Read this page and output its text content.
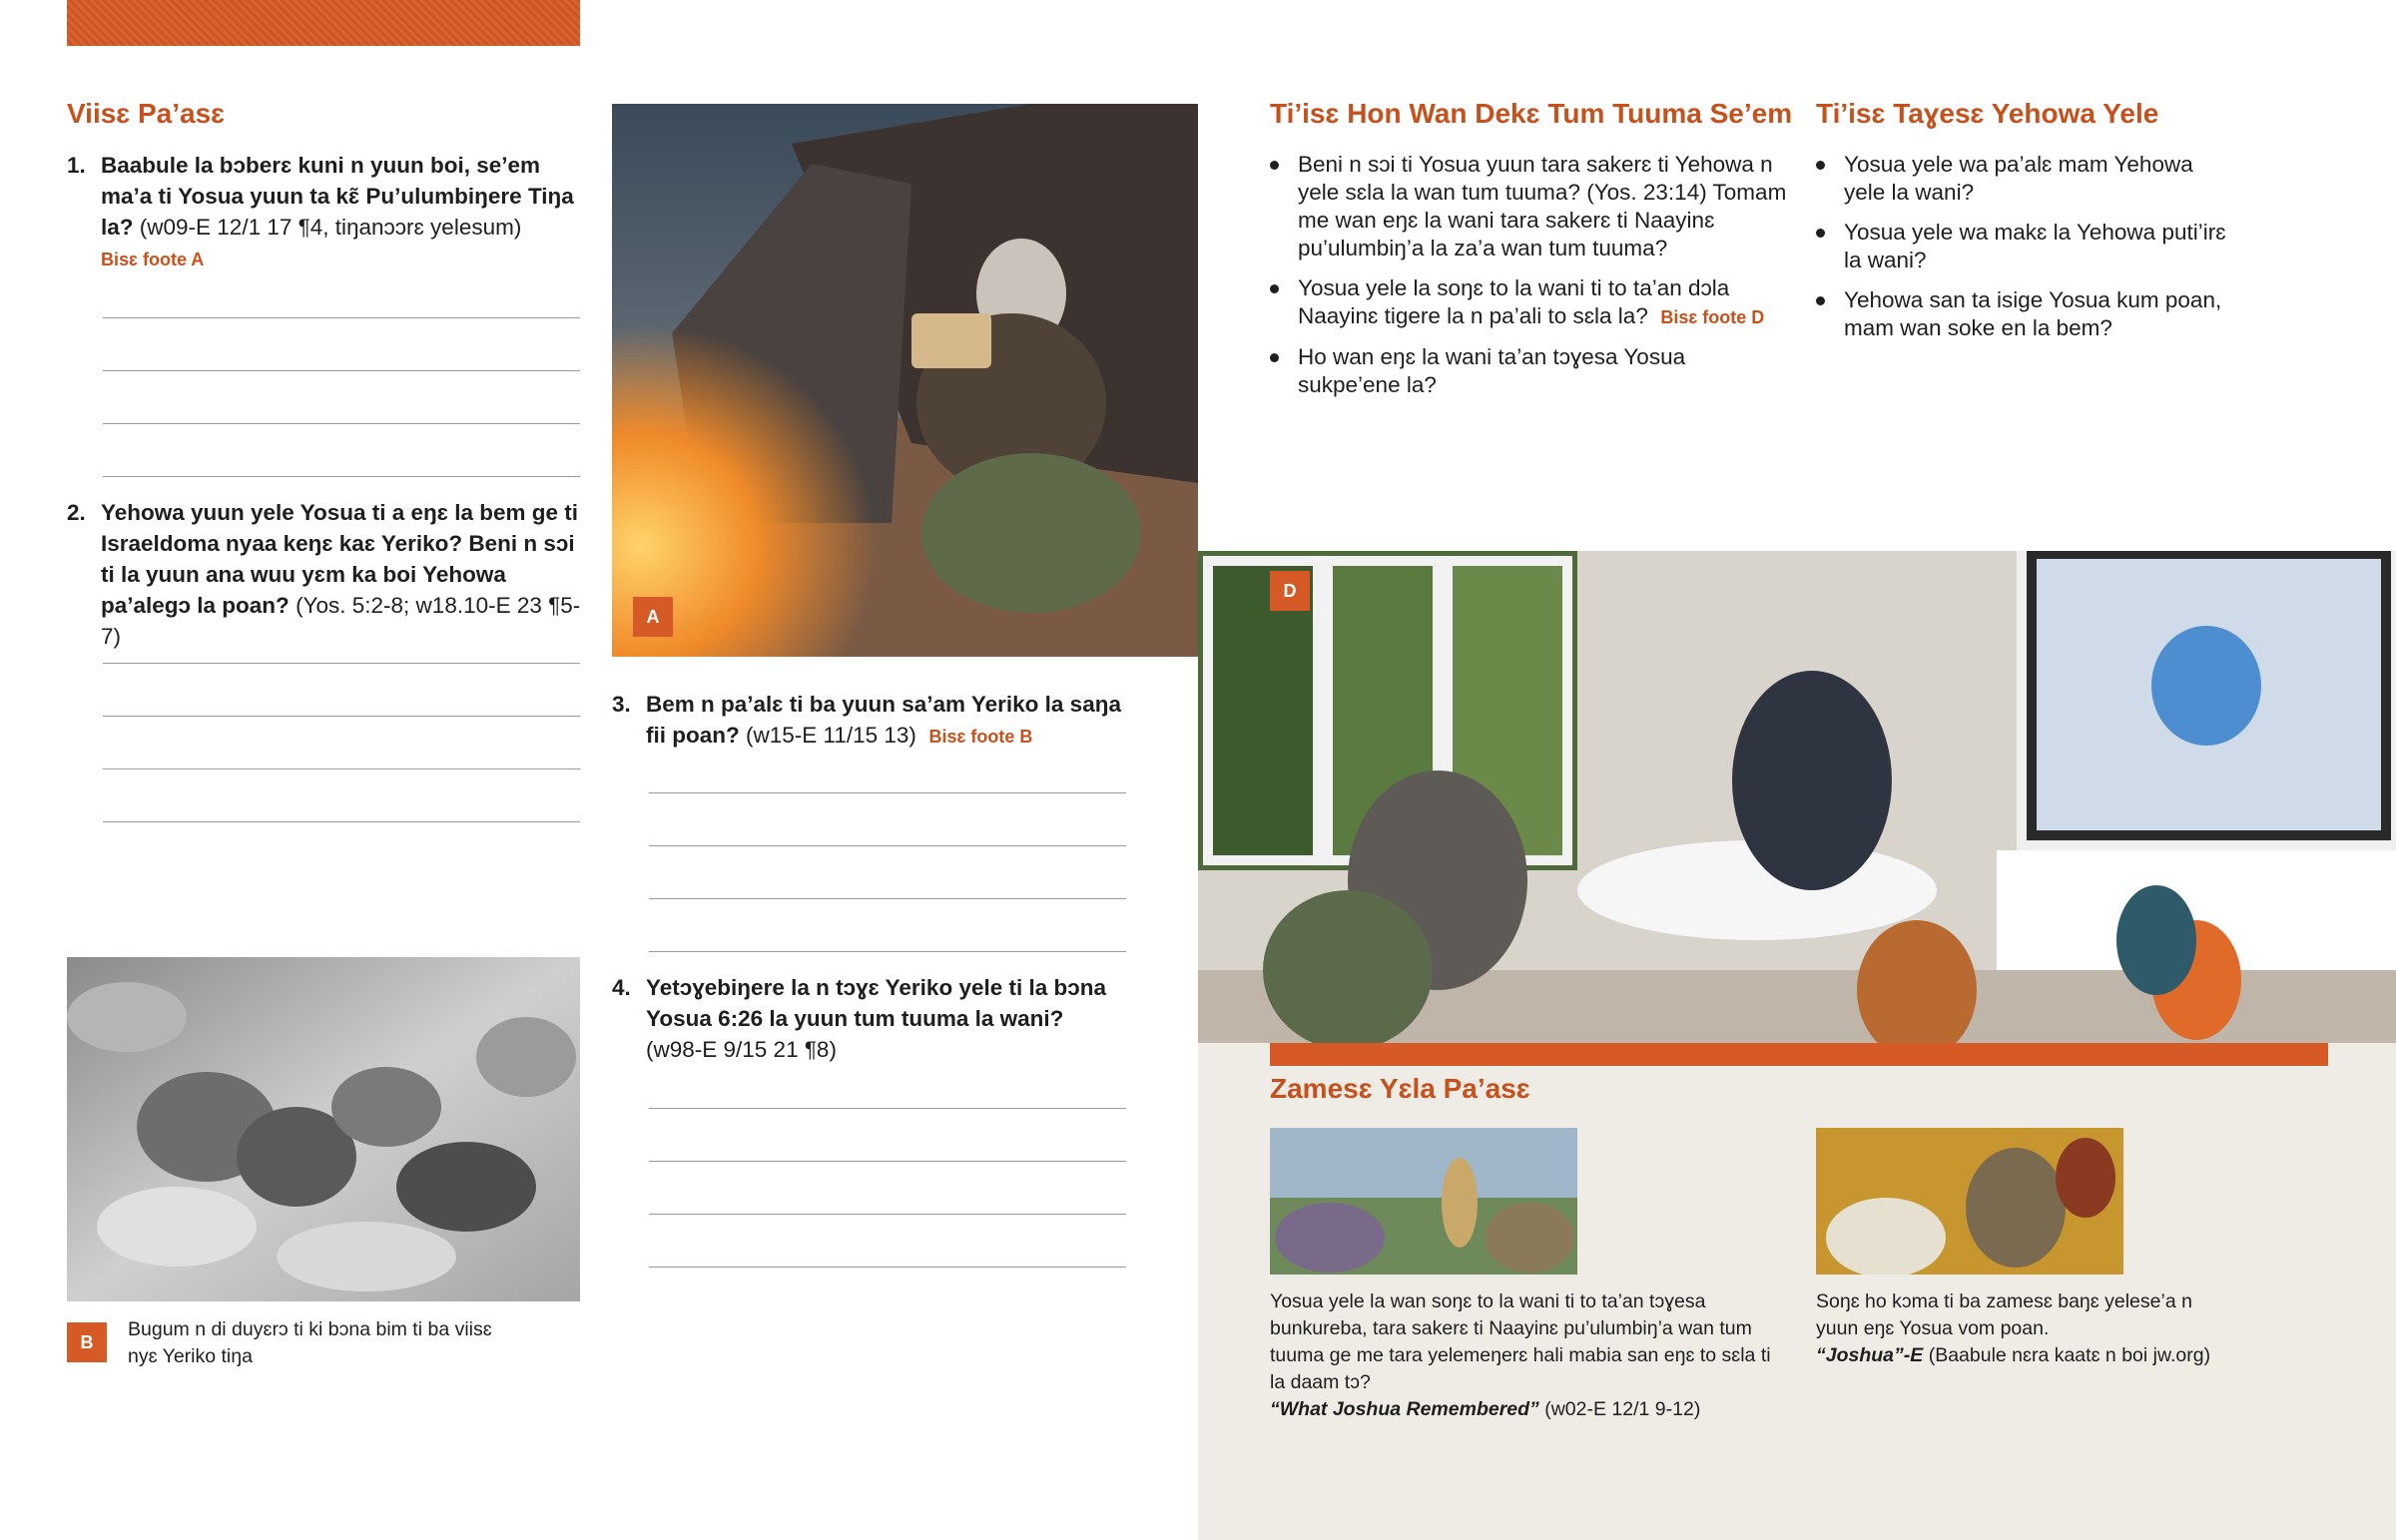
Viisɛ Pa’asɛ
1. Baabule la bɔberɛ kuni n yuun boi, se’em ma’a ti Yosua yuun ta kɛ̃ Pu’ulumbiŋere Tiŋa la? (w09-E 12/1 17 ¶4, tiŋanɔɔrɛ yelesum)
Bisɛ foote A
2. Yehowa yuun yele Yosua ti a eŋɛ la bem ge ti Israeldoma nyaa keŋɛ kaɛ Yeriko? Beni n sɔi ti la yuun ana wuu yɛm ka boi Yehowa pa’alegɔ la poan? (Yos. 5:2-8; w18.10-E 23 ¶5-7)
B
Bugum n di duyɛrɔ ti ki bɔna bim ti ba viisɛ nyɛ Yeriko tiŋa
A
3. Bem n pa’alɛ ti ba yuun sa’am Yeriko la saŋa fii poan? (w15-E 11/15 13) Bisɛ foote B
4. Yetɔɣebiŋere la n tɔɣɛ Yeriko yele ti la bɔna Yosua 6:26 la yuun tum tuuma la wani?
(w98-E 9/15 21 ¶8)
Ti’isɛ Hon Wan Dekɛ Tum Tuuma Se’em
Beni n sɔi ti Yosua yuun tara sakerɛ ti Yehowa n yele sɛla la wan tum tuuma? (Yos. 23:14) Tomam me wan eŋɛ la wani tara sakerɛ ti Naayinɛ pu’ulumbiŋ’a la za’a wan tum tuuma?
Yosua yele la soŋɛ to la wani ti to ta’an dɔla Naayinɛ tigere la n pa’ali to sɛla la? Bisɛ foote D
Ho wan eŋɛ la wani ta’an tɔɣesa Yosua sukpe’ene la?
Ti’isɛ Taɣesɛ Yehowa Yele
Yosua yele wa pa’alɛ mam Yehowa yele la wani?
Yosua yele wa makɛ la Yehowa puti’irɛ la wani?
Yehowa san ta isige Yosua kum poan, mam wan soke en la bem?
D
Zamesɛ Yɛla Pa’asɛ
Yosua yele la wan soŋɛ to la wani ti to ta’an tɔɣesa bunkureba, tara sakerɛ ti Naayinɛ pu’ulumbiŋ’a wan tum tuuma ge me tara yelemeŋerɛ hali mabia san eŋɛ to sɛla ti la daam tɔ?
“What Joshua Remembered” (w02-E 12/1 9-12)
Soŋɛ ho kɔma ti ba zamesɛ baŋɛ yelese’a n yuun eŋɛ Yosua vom poan.
“Joshua”-E (Baabule nɛra kaatɛ n boi jw.org)
